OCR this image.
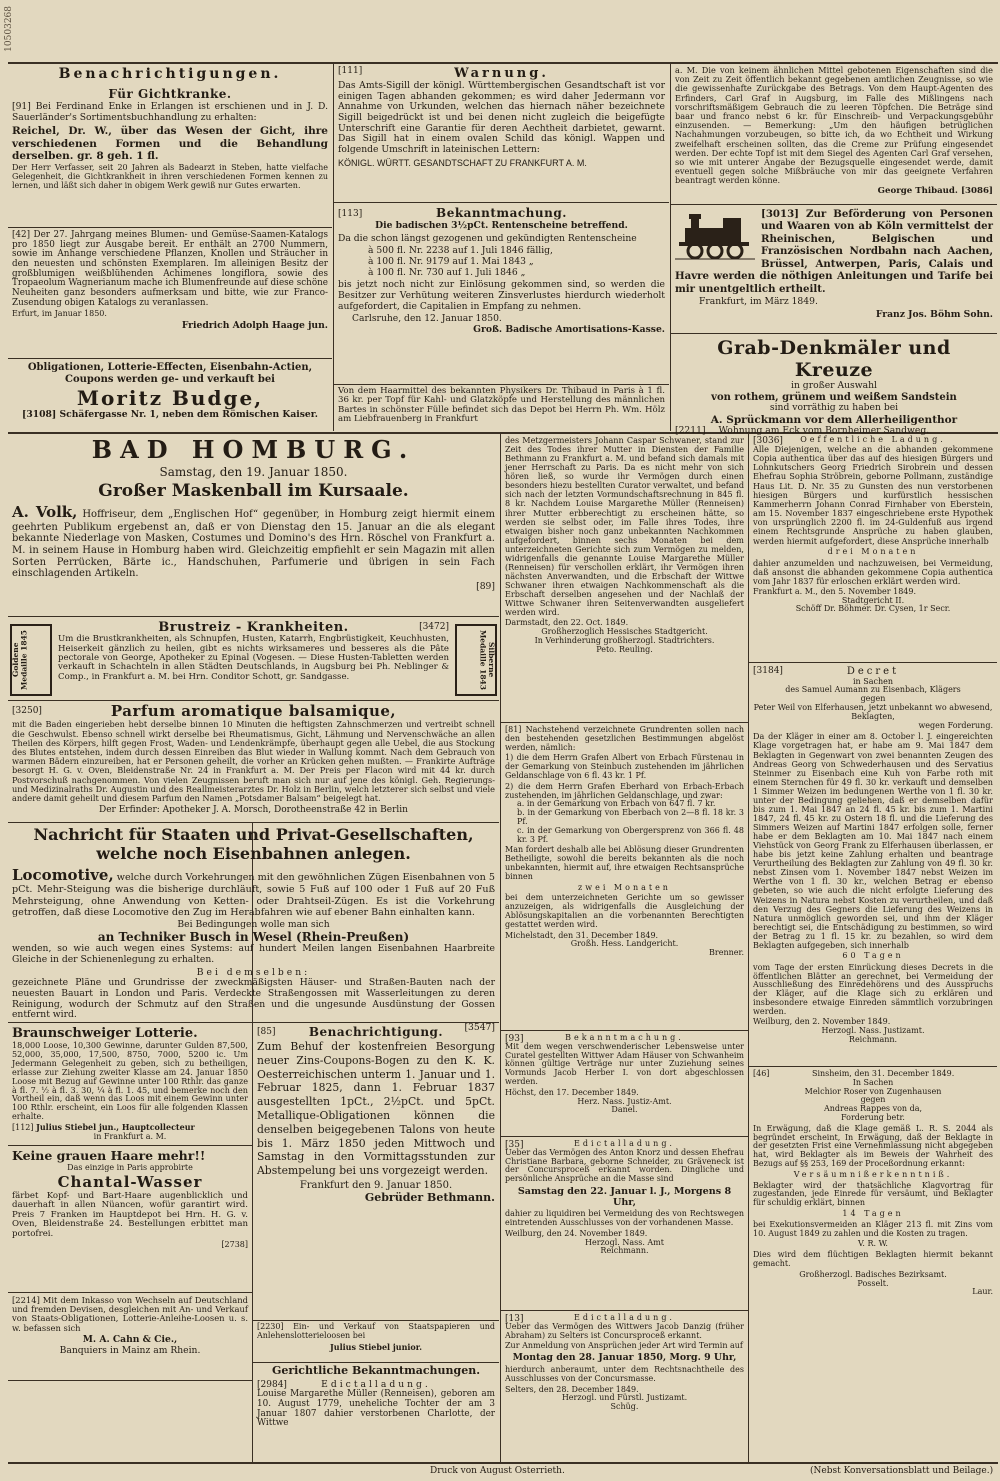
10503268
Benachrichtigungen.
Für Gichtkranke.

[91] Bei Ferdinand Enke in Erlangen ist erschienen und in J. D. Sauerländer's Sortimentsbuchhandlung zu erhalten:

Reichel, Dr. W., über das Wesen der Gicht, ihre verschiedenen Formen und die Behandlung derselben. gr. 8 geh. 1 fl.

Der Herr Verfasser, seit 20 Jahren als Badearzt in Steben, hatte vielfache Gelegenheit, die Gichtkrankheit in ihren verschiedenen Formen kennen zu lernen, und läßt sich daher in obigem Werk gewiß nur Gutes erwarten.

[42] Der 27. Jahrgang meines Blumen- und Gemüse-Saamen-Katalogs pro 1850 liegt zur Ausgabe bereit. Er enthält an 2700 Nummern, sowie im Anhange verschiedene Pflanzen, Knollen und Sträucher in den neuesten und schönsten Exemplaren. Im alleinigen Besitz der großblumigen weißblühenden Achimenes longiflora, sowie des Tropaeolum Wagnerianum mache ich Blumenfreunde auf diese schöne Neuheiten ganz besonders aufmerksam und bitte, wie zur Franco-Zusendung obigen Katalogs zu veranlassen.

Erfurt, im Januar 1850.

Friedrich Adolph Haage jun.

Obligationen, Lotterie-Effecten, Eisenbahn-Actien, Coupons werden ge- und verkauft bei

Moritz Budge,

[3108] Schäfergasse Nr. 1, neben dem Römischen Kaiser.

[111]	Warnung.

Das Amts-Sigill der königl. Württembergischen Gesandtschaft ist vor einigen Tagen abhanden gekommen; es wird daher Jedermann vor Annahme von Urkunden, welchen das hiernach näher bezeichnete Sigill beigedrückt ist und bei denen nicht zugleich die beigefügte Unterschrift eine Garantie für deren Aechtheit darbietet, gewarnt. Das Sigill hat in einem ovalen Schild das königl. Wappen und folgende Umschrift in lateinischen Lettern:

KÖNIGL. WÜRTT. GESANDTSCHAFT ZU FRANKFURT A. M.

[113]	Bekanntmachung.

Die badischen 3½pCt. Rentenscheine betreffend.

Da die schon längst gezogenen und gekündigten Rentenscheine

à 500 fl. Nr. 2238 auf 1. Juli 1846 fällig,

à 100 fl. Nr. 9179 auf 1. Mai 1843 „

à 100 fl. Nr. 730 auf 1. Juli 1846 „

bis jetzt noch nicht zur Einlösung gekommen sind, so werden die Besitzer zur Verhütung weiteren Zinsverlustes hierdurch wiederholt aufgefordert, die Capitalien in Empfang zu nehmen.

Carlsruhe, den 12. Januar 1850.

Groß. Badische Amortisations-Kasse.

Von dem Haarmittel des bekannten Physikers Dr. Thibaud in Paris à 1 fl. 36 kr. per Topf für Kahl- und Glatzköpfe und Herstellung des männlichen Bartes in schönster Fülle befindet sich das Depot bei Herrn Ph. Wm. Hölz am Liebfrauenberg in Frankfurt

a. M. Die von keinem ähnlichen Mittel gebotenen Eigenschaften sind die von Zeit zu Zeit öffentlich bekannt gegebenen amtlichen Zeugnisse, so wie die gewissenhafte Zurückgabe des Betrags. Von dem Haupt-Agenten des Erfinders, Carl Graf in Augsburg, im Falle des Mißlingens nach vorschriftsmäßigem Gebrauch die zu leeren Töpfchen. Die Beträge sind baar und franco nebst 6 kr. für Einschreib- und Verpackungsgebühr einzusenden. — Bemerkung: „Um den häufigen betrüglichen Nachahmungen vorzubeugen, so bitte ich, da wo Echtheit und Wirkung zweifelhaft erscheinen sollten, das die Creme zur Prüfung eingesendet werden. Der echte Topf ist mit dem Siegel des Agenten Carl Graf versehen, so wie mit unterer Angabe der Bezugsquelle eingesendet werde, damit eventuell gegen solche Mißbräuche von mir das geeignete Verfahren beantragt werden könne.

George Thibaud. [3086]

[3013] Zur Beförderung von Personen und Waaren von ab Köln vermittelst der Rheinischen, Belgischen und Französischen Nordbahn nach Aachen, Brüssel, Antwerpen, Paris, Calais und Havre werden die nöthigen Anleitungen und Tarife bei mir unentgeltlich ertheilt.

Frankfurt, im März 1849.

Franz Jos. Böhm Sohn.

Grab-Denkmäler und Kreuze

in großer Auswahl

von rothem, grünem und weißem Sandstein

sind vorräthig zu haben bei

A. Sprückmann vor dem Allerheiligenthor

[2211] Wohnung am Eck vom Bornheimer Sandweg.

BAD HOMBURG.

Samstag, den 19. Januar 1850.

Großer Maskenball im Kursaale.

A. Volk, Hoffriseur, dem „Englischen Hof“ gegenüber, in Homburg zeigt hiermit einem geehrten Publikum ergebenst an, daß er von Dienstag den 15. Januar an die als elegant bekannte Niederlage von Masken, Costumes und Domino's des Hrn. Röschel von Frankfurt a. M. in seinem Hause in Homburg haben wird. Gleichzeitig empfiehlt er sein Magazin mit allen Sorten Perrücken, Bärte ic., Handschuhen, Parfumerie und übrigen in sein Fach einschlagenden Artikeln.

[89]

Goldene Medaille 1845	Silberne Medaille 1843
Brustreiz - Krankheiten.	[3472]

Um die Brustkrankheiten, als Schnupfen, Husten, Katarrh, Engbrüstigkeit, Keuchhusten, Heiserkeit gänzlich zu heilen, gibt es nichts wirksameres und besseres als die Pâte pectorale von George, Apotheker zu Epinal (Vogesen. — Diese Husten-Tabletten werden verkauft in Schachteln in allen Städten Deutschlands, in Augsburg bei Ph. Neblinger & Comp., in Frankfurt a. M. bei Hrn. Conditor Schott, gr. Sandgasse.

[3250]	Parfum aromatique balsamique,

mit die Baden eingerieben hebt derselbe binnen 10 Minuten die heftigsten Zahnschmerzen und vertreibt schnell die Geschwulst. Ebenso schnell wirkt derselbe bei Rheumatismus, Gicht, Lähmung und Nervenschwäche an allen Theilen des Körpers, hilft gegen Frost, Waden- und Lendenkrämpfe, überhaupt gegen alle Uebel, die aus Stockung des Blutes entstehen, indem durch dessen Einreiben das Blut wieder in Wallung kommt. Nach dem Gebrauch von warmen Bädern einzureiben, hat er Personen geheilt, die vorher an Krücken gehen mußten. — Frankirte Aufträge besorgt H. G. v. Oven, Bleidenstraße Nr. 24 in Frankfurt a. M. Der Preis per Flacon wird mit 44 kr. durch Postvorschuß nachgenommen. Von vielen Zeugnissen beruft man sich nur auf jene des königl. Geh. Regierungs- und Medizinalraths Dr. Augustin und des Reallmeisterarztes Dr. Holz in Berlin, welch letzterer sich selbst und viele andere damit geheilt und diesem Parfum den Namen „Potsdamer Balsam“ beigelegt hat.

Der Erfinder: Apotheker J. A. Morsch, Dorotheenstraße 42 in Berlin

Nachricht für Staaten und Privat-Gesellschaften,
welche noch Eisenbahnen anlegen.

Locomotive, welche durch Vorkehrungen mit den gewöhnlichen Zügen Eisenbahnen von 5 pCt. Mehr-Steigung was die bisherige durchläuft, sowie 5 Fuß auf 100 oder 1 Fuß auf 20 Fuß Mehrsteigung, ohne Anwendung von Ketten- oder Drahtseil-Zügen. Es ist die Vorkehrung getroffen, daß diese Locomotive den Zug im Herabfahren wie auf ebener Bahn einhalten kann.

Bei Bedingungen wolle man sich

an Techniker Busch in Wesel (Rhein-Preußen)

wenden, so wie auch wegen eines Systems: auf hundert Meilen langen Eisenbahnen Haarbreite Gleiche in der Schienenlegung zu erhalten.

Bei demselben:

gezeichnete Pläne und Grundrisse der zweckmäßigsten Häuser- und Straßen-Bauten nach der neuesten Bauart in London und Paris. Verdeckte Straßengossen mit Wasserleitungen zu deren Reinigung, wodurch der Schmutz auf den Straßen und die ungesunde Ausdünstung der Gossen entfernt wird.

[3547]

Braunschweiger Lotterie.

18,000 Loose, 10,300 Gewinne, darunter Gulden 87,500, 52,000, 35,000, 17,500, 8750, 7000, 5200 ic. Um Jedermann Gelegenheit zu geben, sich zu betheiligen, erlasse zur Ziehung zweiter Klasse am 24. Januar 1850 Loose mit Bezug auf Gewinne unter 100 Rthlr. das ganze à fl. 7. ½ à fl. 3. 30, ¼ à fl. 1. 45, und bemerke noch den Vortheil ein, daß wenn das Loos mit einem Gewinn unter 100 Rthlr. erscheint, ein Loos für alle folgenden Klassen erhalte.

[112] Julius Stiebel jun., Hauptcollecteur

in Frankfurt a. M.

Keine grauen Haare mehr!!

Das einzige in Paris approbirte

Chantal-Wasser

färbet Kopf- und Bart-Haare augenblicklich und dauerhaft in allen Nüancen, wofür garantirt wird. Preis 7 Franken im Hauptdepot bei Hrn. H. G. v. Oven, Bleidenstraße 24. Bestellungen erbittet man portofrei.

[2738]

[2214] Mit dem Inkasso von Wechseln auf Deutschland und fremden Devisen, desgleichen mit An- und Verkauf von Staats-Obligationen, Lotterie-Anleihe-Loosen u. s. w. befassen sich

M. A. Cahn & Cie.,

Banquiers in Mainz am Rhein.

[85]	Benachrichtigung.

Zum Behuf der kostenfreien Besorgung neuer Zins-Coupons-Bogen zu den K. K. Oesterreichischen unterm 1. Januar und 1. Februar 1825, dann 1. Februar 1837 ausgestellten 1pCt., 2½pCt. und 5pCt. Metallique-Obligationen können die denselben beigegebenen Talons von heute bis 1. März 1850 jeden Mittwoch und Samstag in den Vormittagsstunden zur Abstempelung bei uns vorgezeigt werden.

Frankfurt den 9. Januar 1850.

Gebrüder Bethmann.

[2230] Ein- und Verkauf von Staatspapieren und Anlehenslotterieloosen bei

Julius Stiebel junior.

Gerichtliche Bekanntmachungen.
[2984]	Edictalladung.

Louise Margarethe Müller (Renneisen), geboren am 10. August 1779, uneheliche Tochter der am 3 Januar 1807 dahier verstorbenen Charlotte, der Wittwe

des Metzgermeisters Johann Caspar Schwaner, stand zur Zeit des Todes ihrer Mutter in Diensten der Familie Bethmann zu Frankfurt a. M. und befand sich damals mit jener Herrschaft zu Paris. Da es nicht mehr von sich hören ließ, so wurde ihr Vermögen durch einen besonders hiezu bestellten Curator verwaltet, und befand sich nach der letzten Vormundschaftsrechnung in 845 fl. 8 kr. Nachdem Louise Margarethe Müller (Renneisen) ihrer Mutter erbberechtigt zu erscheinen hätte, so werden sie selbst oder, im Falle ihres Todes, ihre etwaigen bisher noch ganz unbekannten Nachkommen aufgefordert, binnen sechs Monaten bei dem unterzeichneten Gerichte sich zum Vermögen zu melden, widrigenfalls die genannte Louise Margarethe Müller (Renneisen) für verschollen erklärt, ihr Vermögen ihren nächsten Anverwandten, und die Erbschaft der Wittwe Schwaner ihren etwaigen Nachkommenschaft als die Erbschaft derselben angesehen und der Nachlaß der Wittwe Schwaner ihren Seitenverwandten ausgeliefert werden wird.

Darmstadt, den 22. Oct. 1849.

Großherzoglich Hessisches Stadtgericht.

In Verhinderung großherzogl. Stadtrichters.

Peto. Reuling.

[81] Nachstehend verzeichnete Grundrenten sollen nach den bestehenden gesetzlichen Bestimmungen abgelöst werden, nämlich:

1) die dem Herrn Grafen Albert von Erbach Fürstenau in der Gemarkung von Steinbuch zustehenden im jährlichen Geldanschlage von 6 fl. 43 kr. 1 Pf.

2) die dem Herrn Grafen Eberhard von Erbach-Erbach zustehenden, im jährlichen Geldanschlage, und zwar:

a. in der Gemarkung von Erbach von 647 fl. 7 kr.

b. in der Gemarkung von Eberbach von 2—8 fl. 18 kr. 3 Pf.

c. in der Gemarkung von Obergersprenz von 366 fl. 48 kr. 3 Pf.

Man fordert deshalb alle bei Ablösung dieser Grundrenten Betheiligte, sowohl die bereits bekannten als die noch unbekannten, hiermit auf, ihre etwaigen Rechtsansprüche binnen

zwei Monaten

bei dem unterzeichneten Gerichte um so gewisser anzuzeigen, als widrigenfalls die Ausgleichung der Ablösungskapitalien an die vorbenannten Berechtigten gestattet werden wird.

Michelstadt, den 31. December 1849.

Großh. Hess. Landgericht.

Brenner.

[93]	Bekanntmachung.

Mit dem wegen verschwenderischer Lebensweise unter Curatel gestellten Wittwer Adam Häuser von Schwanheim können gültige Verträge nur unter Zuziehung seines Vormunds Jacob Herber I. von dort abgeschlossen werden.

Höchst, den 17. December 1849.

Herz. Nass. Justiz-Amt.

Danel.

[35]	Edictalladung.

Ueber das Vermögen des Anton Knorz und dessen Ehefrau Christiane Barbara, geborne Schneider, zu Gräveneck ist der Concursproceß erkannt worden. Dingliche und persönliche Ansprüche an die Masse sind

Samstag den 22. Januar l. J., Morgens 8 Uhr,

dahier zu liquidiren bei Vermeidung des von Rechtswegen eintretenden Ausschlusses von der vorhandenen Masse.

Weilburg, den 24. November 1849.

Herzogl. Nass. Amt

Reichmann.

[13]	Edictalladung.

Ueber das Vermögen des Wittwers Jacob Danzig (früher Abraham) zu Selters ist Concursproceß erkannt.

Zur Anmeldung von Ansprüchen jeder Art wird Termin auf

Montag den 28. Januar 1850, Morg. 9 Uhr,

hierdurch anberaumt, unter dem Rechtsnachtheile des Ausschlusses von der Concursmasse.

Selters, den 28. December 1849.

Herzogl. und Fürstl. Justizamt.

Schüg.

[3036]	Oeffentliche Ladung.

Alle Diejenigen, welche an die abhanden gekommene Copia authentica über das auf des hiesigen Bürgers und Lohnkutschers Georg Friedrich Sirobrein und dessen Ehefrau Sophia Ströbrein, geborne Pollmann, zuständige Haus Lit. D. Nr. 35 zu Gunsten des nun verstorbenen hiesigen Bürgers und kurfürstlich hessischen Kammerherrn Johann Conrad Firnhaber von Eberstein, am 15. November 1837 eingeschriebene erste Hypothek von ursprünglich 2200 fl. im 24-Guldenfuß aus irgend einem Rechtsgrunde Ansprüche zu haben glauben, werden hiermit aufgefordert, diese Ansprüche innerhalb

drei Monaten

dahier anzumelden und nachzuweisen, bei Vermeidung, daß ansonst die abhanden gekommene Copia authentica vom Jahr 1837 für erloschen erklärt werden wird.

Frankfurt a. M., den 5. November 1849.

Stadtgericht II.

Schöff Dr. Böhmer. Dr. Cysen, 1r Secr.

[3184]	Decret

in Sachen

des Samuel Aumann zu Eisenbach, Klägers

gegen

Peter Weil von Elferhausen, jetzt unbekannt wo abwesend, Beklagten,

wegen Forderung.

Da der Kläger in einer am 8. October l. J. eingereichten Klage vorgetragen hat, er habe am 9. Mai 1847 dem Beklagten in Gegenwart von zwei benannten Zeugen des Andreas Georg von Schwederhausen und des Servatius Steinmer zu Eisenbach eine Kuh von Farbe roth mit einem Sternchen für 49 fl. 30 kr. verkauft und demselben 1 Simmer Weizen im bedungenen Werthe von 1 fl. 30 kr. unter der Bedingung geliehen, daß er demselben dafür bis zum 1. Mai 1847 an 24 fl. 45 kr. bis zum 1. Martini 1847, 24 fl. 45 kr. zu Ostern 18 fl. und die Lieferung des Simmers Weizen auf Martini 1847 erfolgen solle, ferner habe er dem Beklagten am 10. Mai 1847 nach einem Viehstück von Georg Frank zu Elferhausen überlassen, er habe bis jetzt keine Zahlung erhalten und beantrage Verurtheilung des Beklagten zur Zahlung von 49 fl. 30 kr. nebst Zinsen vom 1. November 1847 nebst Weizen im Werthe von 1 fl. 30 kr., welchen Betrag er ebenso gebeten, so wie auch die nicht erfolgte Lieferung des Weizens in Natura nebst Kosten zu verurtheilen, und daß den Verzug des Gegners die Lieferung des Weizens in Natura unmöglich geworden sei, und ihm der Kläger berechtigt sei, die Entschädigung zu bestimmen, so wird der Betrag zu 1 fl. 15 kr. zu bezahlen, so wird dem Beklagten aufgegeben, sich innerhalb

60 Tagen

vom Tage der ersten Einrückung dieses Decrets in die öffentlichen Blätter an gerechnet, bei Vermeidung der Ausschließung des Einredehörens und des Ausspruchs der Kläger, auf die Klage sich zu erklären und insbesondere etwaige Einreden sämmtlich vorzubringen werden.

Weilburg, den 2. November 1849.

Herzogl. Nass. Justizamt.

Reichmann.

[46]	Sinsheim, den 31. December 1849.

In Sachen

Melchior Roser von Zugenhausen

gegen

Andreas Rappes von da,

Forderung betr.

In Erwägung, daß die Klage gemäß L. R. S. 2044 als begründet erscheint, In Erwägung, daß der Beklagte in der gesetzten Frist eine Vernehmlassung nicht abgegeben hat, wird Beklagter als im Beweis der Wahrheit des Bezugs auf §§ 253, 169 der Proceßordnung erkannt:

Versäumnißerkenntniß.

Beklagter wird der thatsächliche Klagvortrag für zugestanden, jede Einrede für versäumt, und Beklagter für schuldig erklärt, binnen

14 Tagen

bei Exekutionsvermeiden an Kläger 213 fl. mit Zins vom 10. August 1849 zu zahlen und die Kosten zu tragen.

V. R. W.

Dies wird dem flüchtigen Beklagten hiermit bekannt gemacht.

Großherzogl. Badisches Bezirksamt.

Posselt.

Laur.

Druck von August Osterrieth.	(Nebst Konversationsblatt und Beilage.)
